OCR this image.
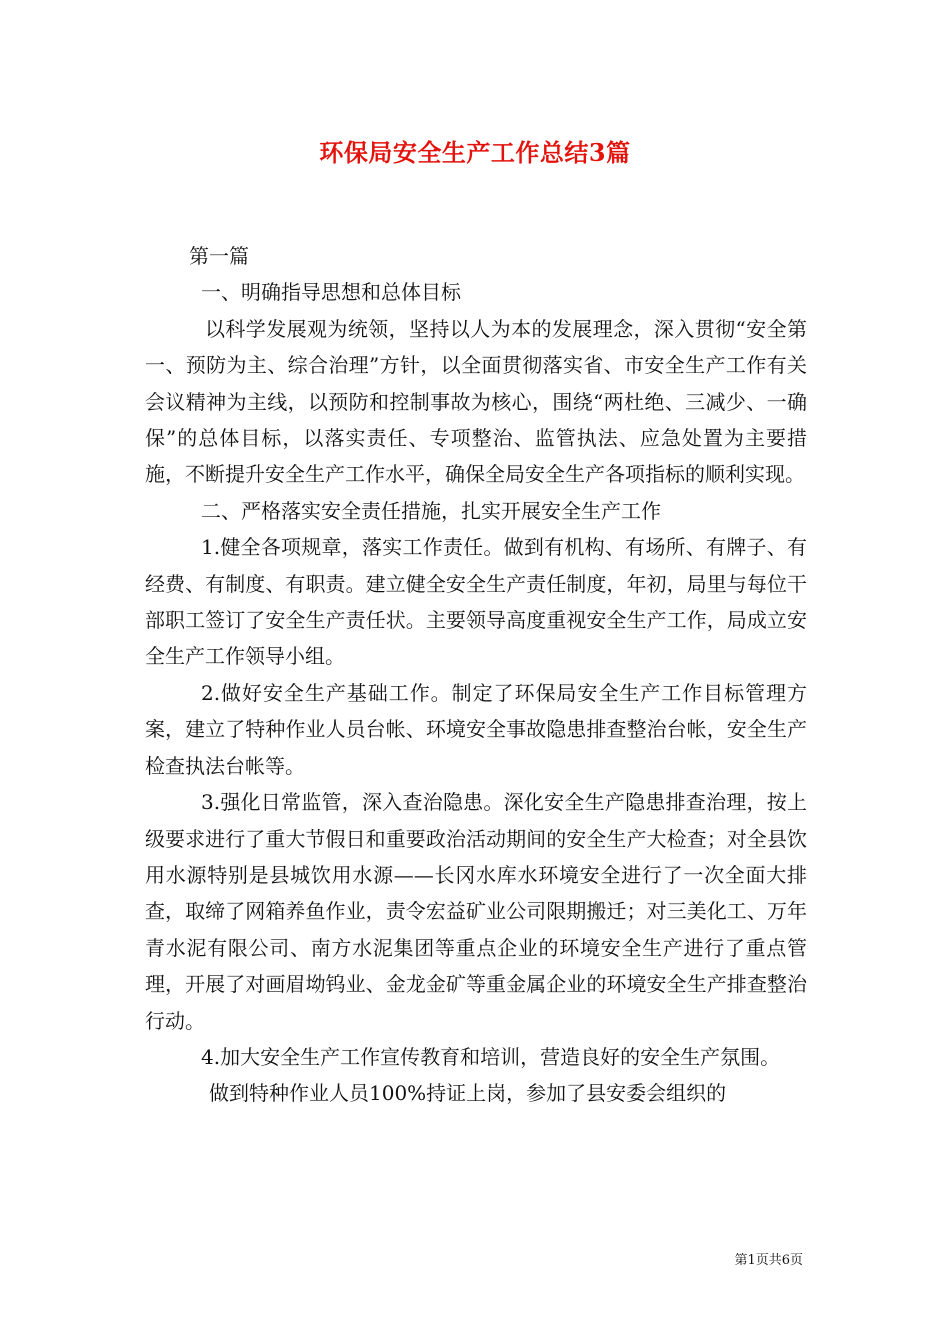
环保局安全生产工作总结3篇

第一篇

一、明确指导思想和总体目标

以科学发展观为统领，坚持以人为本的发展理念，深入贯彻“安全第一、预防为主、综合治理”方针，以全面贯彻落实省、市安全生产工作有关会议精神为主线，以预防和控制事故为核心，围绕“两杜绝、三减少、一确保”的总体目标，以落实责任、专项整治、监管执法、应急处置为主要措施，不断提升安全生产工作水平，确保全局安全生产各项指标的顺利实现。

二、严格落实安全责任措施，扎实开展安全生产工作

1.健全各项规章，落实工作责任。做到有机构、有场所、有牌子、有经费、有制度、有职责。建立健全安全生产责任制度，年初，局里与每位干部职工签订了安全生产责任状。主要领导高度重视安全生产工作，局成立安全生产工作领导小组。

2.做好安全生产基础工作。制定了环保局安全生产工作目标管理方案，建立了特种作业人员台帐、环境安全事故隐患排查整治台帐，安全生产检查执法台帐等。

3.强化日常监管，深入查治隐患。深化安全生产隐患排查治理，按上级要求进行了重大节假日和重要政治活动期间的安全生产大检查；对全县饮用水源特别是县城饮用水源——长冈水库水环境安全进行了一次全面大排查，取缔了网箱养鱼作业，责令宏益矿业公司限期搬迁；对三美化工、万年青水泥有限公司、南方水泥集团等重点企业的环境安全生产进行了重点管理，开展了对画眉坳钨业、金龙金矿等重金属企业的环境安全生产排查整治行动。

4.加大安全生产工作宣传教育和培训，营造良好的安全生产氛围。

做到特种作业人员100%持证上岗，参加了县安委会组织的

第1页共6页
